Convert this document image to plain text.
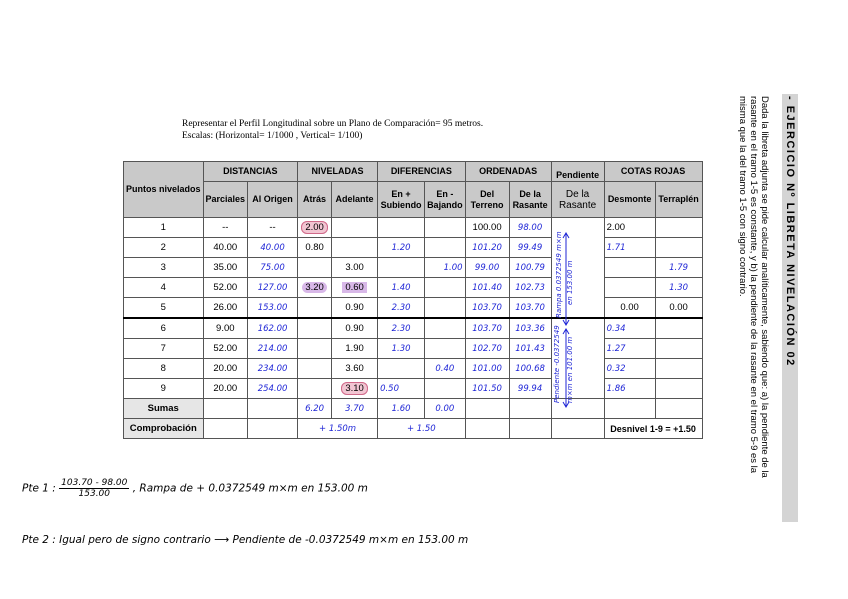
Representar el Perfil Longitudinal sobre un Plano de Comparación= 95 metros.
Escalas: (Horizontal= 1/1000 , Vertical= 1/100)
Puntos nivelados	DISTANCIAS		NIVELADAS		DIFERENCIAS		ORDENADAS		Pendiente	COTAS ROJAS	
	Parciales	Al Origen	Atrás	Adelante	En + Subiendo	En - Bajando	Del Terreno	De la Rasante	De la Rasante	Desmonte	Terraplén
1	--	--	2.00				100.00	98.00		2.00	
2	40.00	40.00	0.80		1.20		101.20	99.49		1.71	
3	35.00	75.00		3.00		1.00	99.00	100.79			1.79
4	52.00	127.00	3.20	0.60	1.40		101.40	102.73			1.30
5	26.00	153.00		0.90	2.30		103.70	103.70		0.00	0.00
6	9.00	162.00		0.90	2.30		103.70	103.36		0.34	
7	52.00	214.00		1.90	1.30		102.70	101.43		1.27	
8	20.00	234.00		3.60		0.40	101.00	100.68		0.32	
9	20.00	254.00		3.10	0.50		101.50	99.94		1.86	
Sumas			6.20	3.70	1.60	0.00					
Comprobación			+ 1.50m		+ 1.50					Desnivel 1-9 = +1.50	
Rampa 0.0372549 m×m en 153.00 m
Pendiente -0.0372549 m×m en 101.00 m
- EJERCICIO Nº LIBRETA NIVELACIÓN 02
Dada la libreta adjunta se pide calcular analíticamente, sabiendo que: a) la pendiente de la
rasante en el tramo 1-5 es constante, y b) la pendiente de la rasante en el tramo 5-9 es la
misma que la del tramo 1-5 con signo contrario.
Pte 1 : $\frac{103.70 - 98.00}{153.00}$ , Rampa de + 0.0372549 m×m en 153.00 m
Pte 2 : Igual pero de signo contrario ⟶ Pendiente de -0.0372549 m×m en 153.00 m
